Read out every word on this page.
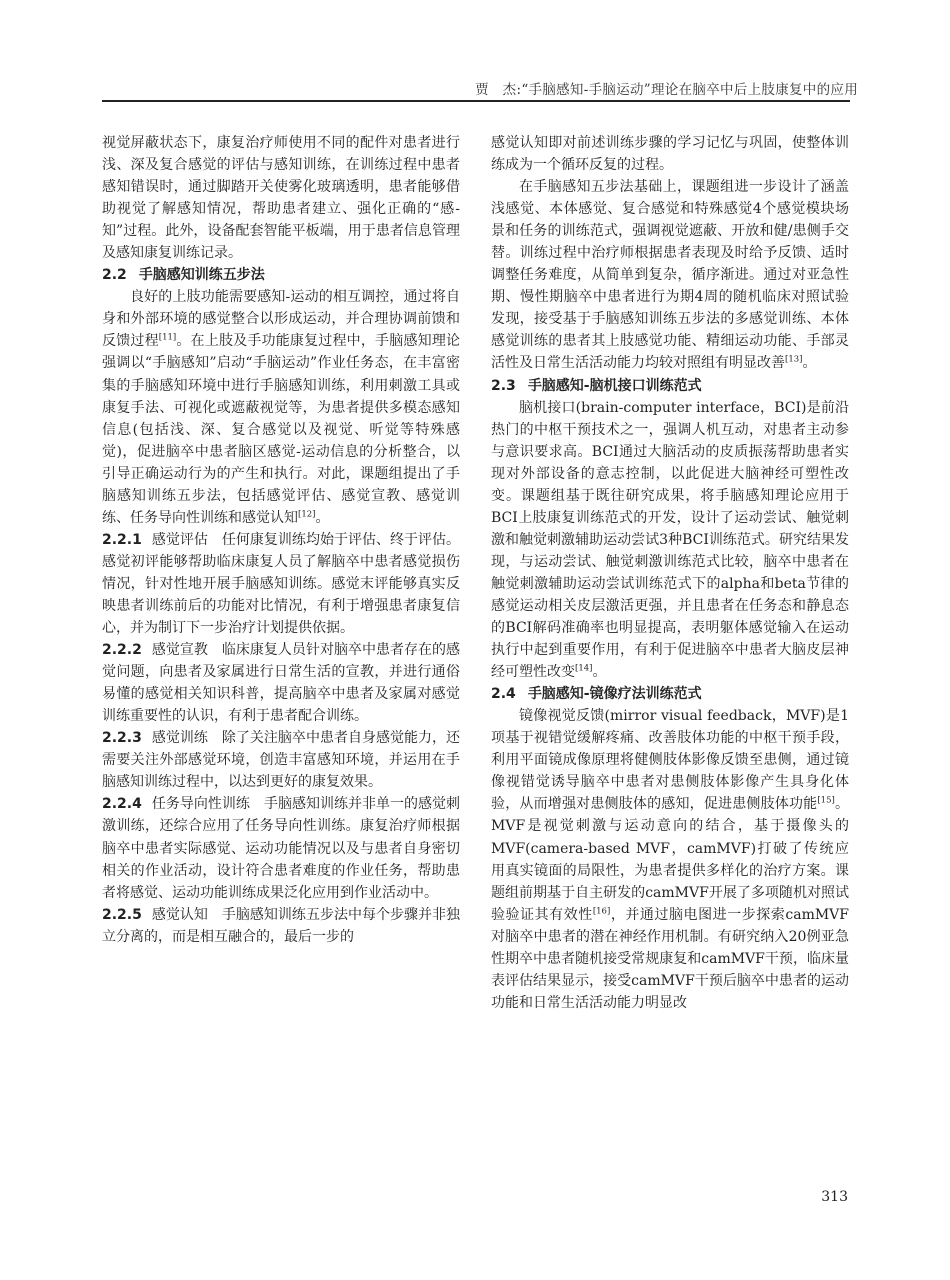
贾　杰:“手脑感知-手脑运动”理论在脑卒中后上肢康复中的应用

视觉屏蔽状态下，康复治疗师使用不同的配件对患者进行浅、深及复合感觉的评估与感知训练，在训练过程中患者感知错误时，通过脚踏开关使雾化玻璃透明，患者能够借助视觉了解感知情况，帮助患者建立、强化正确的“感-知”过程。此外，设备配套智能平板端，用于患者信息管理及感知康复训练记录。

2.2 手脑感知训练五步法

良好的上肢功能需要感知-运动的相互调控，通过将自身和外部环境的感觉整合以形成运动，并合理协调前馈和反馈过程[11]。在上肢及手功能康复过程中，手脑感知理论强调以“手脑感知”启动“手脑运动”作业任务态，在丰富密集的手脑感知环境中进行手脑感知训练，利用刺激工具或康复手法、可视化或遮蔽视觉等，为患者提供多模态感知信息(包括浅、深、复合感觉以及视觉、听觉等特殊感觉)，促进脑卒中患者脑区感觉-运动信息的分析整合，以引导正确运动行为的产生和执行。对此，课题组提出了手脑感知训练五步法，包括感觉评估、感觉宣教、感觉训练、任务导向性训练和感觉认知[12]。

2.2.1 感觉评估 任何康复训练均始于评估、终于评估。感觉初评能够帮助临床康复人员了解脑卒中患者感觉损伤情况，针对性地开展手脑感知训练。感觉末评能够真实反映患者训练前后的功能对比情况，有利于增强患者康复信心，并为制订下一步治疗计划提供依据。

2.2.2 感觉宣教 临床康复人员针对脑卒中患者存在的感觉问题，向患者及家属进行日常生活的宣教，并进行通俗易懂的感觉相关知识科普，提高脑卒中患者及家属对感觉训练重要性的认识，有利于患者配合训练。

2.2.3 感觉训练 除了关注脑卒中患者自身感觉能力，还需要关注外部感觉环境，创造丰富感知环境，并运用在手脑感知训练过程中，以达到更好的康复效果。

2.2.4 任务导向性训练 手脑感知训练并非单一的感觉刺激训练，还综合应用了任务导向性训练。康复治疗师根据脑卒中患者实际感觉、运动功能情况以及与患者自身密切相关的作业活动，设计符合患者难度的作业任务，帮助患者将感觉、运动功能训练成果泛化应用到作业活动中。

2.2.5 感觉认知 手脑感知训练五步法中每个步骤并非独立分离的，而是相互融合的，最后一步的

感觉认知即对前述训练步骤的学习记忆与巩固，使整体训练成为一个循环反复的过程。

在手脑感知五步法基础上，课题组进一步设计了涵盖浅感觉、本体感觉、复合感觉和特殊感觉4个感觉模块场景和任务的训练范式，强调视觉遮蔽、开放和健/患侧手交替。训练过程中治疗师根据患者表现及时给予反馈、适时调整任务难度，从简单到复杂，循序渐进。通过对亚急性期、慢性期脑卒中患者进行为期4周的随机临床对照试验发现，接受基于手脑感知训练五步法的多感觉训练、本体感觉训练的患者其上肢感觉功能、精细运动功能、手部灵活性及日常生活活动能力均较对照组有明显改善[13]。

2.3 手脑感知-脑机接口训练范式

脑机接口(brain-computer interface，BCI)是前沿热门的中枢干预技术之一，强调人机互动，对患者主动参与意识要求高。BCI通过大脑活动的皮质振荡帮助患者实现对外部设备的意志控制，以此促进大脑神经可塑性改变。课题组基于既往研究成果，将手脑感知理论应用于BCI上肢康复训练范式的开发，设计了运动尝试、触觉刺激和触觉刺激辅助运动尝试3种BCI训练范式。研究结果发现，与运动尝试、触觉刺激训练范式比较，脑卒中患者在触觉刺激辅助运动尝试训练范式下的alpha和beta节律的感觉运动相关皮层激活更强，并且患者在任务态和静息态的BCI解码准确率也明显提高，表明躯体感觉输入在运动执行中起到重要作用，有利于促进脑卒中患者大脑皮层神经可塑性改变[14]。

2.4 手脑感知-镜像疗法训练范式

镜像视觉反馈(mirror visual feedback，MVF)是1项基于视错觉缓解疼痛、改善肢体功能的中枢干预手段，利用平面镜成像原理将健侧肢体影像反馈至患侧，通过镜像视错觉诱导脑卒中患者对患侧肢体影像产生具身化体验，从而增强对患侧肢体的感知，促进患侧肢体功能[15]。MVF是视觉刺激与运动意向的结合，基于摄像头的MVF(camera-based MVF，camMVF)打破了传统应用真实镜面的局限性，为患者提供多样化的治疗方案。课题组前期基于自主研发的camMVF开展了多项随机对照试验验证其有效性[16]，并通过脑电图进一步探索camMVF对脑卒中患者的潜在神经作用机制。有研究纳入20例亚急性期卒中患者随机接受常规康复和camMVF干预，临床量表评估结果显示，接受camMVF干预后脑卒中患者的运动功能和日常生活活动能力明显改

313
